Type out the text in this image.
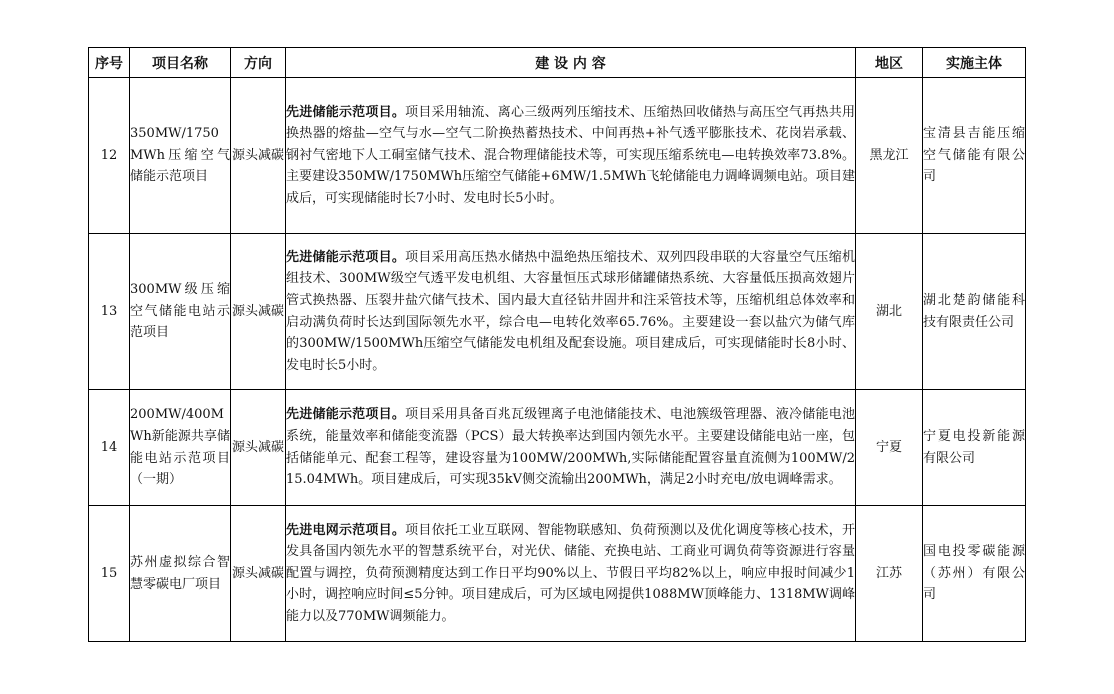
序号	项目名称	方向	建 设 内 容	地区	实施主体
12	350MW/1750MWh压缩空气储能示范项目	源头减碳	先进储能示范项目。项目采用轴流、离心三级两列压缩技术、压缩热回收储热与高压空气再热共用换热器的熔盐—空气与水—空气二阶换热蓄热技术、中间再热+补气透平膨胀技术、花岗岩承载、钢衬气密地下人工硐室储气技术、混合物理储能技术等，可实现压缩系统电—电转换效率73.8%。主要建设350MW/1750MWh压缩空气储能+6MW/1.5MWh飞轮储能电力调峰调频电站。项目建成后，可实现储能时长7小时、发电时长5小时。	黑龙江	宝清县吉能压缩空气储能有限公司
13	300MW级压缩空气储能电站示范项目	源头减碳	先进储能示范项目。项目采用高压热水储热中温绝热压缩技术、双列四段串联的大容量空气压缩机组技术、300MW级空气透平发电机组、大容量恒压式球形储罐储热系统、大容量低压损高效翅片管式换热器、压裂井盐穴储气技术、国内最大直径钻井固井和注采管技术等，压缩机组总体效率和启动满负荷时长达到国际领先水平，综合电—电转化效率65.76%。主要建设一套以盐穴为储气库的300MW/1500MWh压缩空气储能发电机组及配套设施。项目建成后，可实现储能时长8小时、发电时长5小时。	湖北	湖北楚韵储能科技有限责任公司
14	200MW/400MWh新能源共享储能电站示范项目（一期）	源头减碳	先进储能示范项目。项目采用具备百兆瓦级锂离子电池储能技术、电池簇级管理器、液冷储能电池系统，能量效率和储能变流器（PCS）最大转换率达到国内领先水平。主要建设储能电站一座，包括储能单元、配套工程等，建设容量为100MW/200MWh,实际储能配置容量直流侧为100MW/215.04MWh。项目建成后，可实现35kV侧交流输出200MWh，满足2小时充电/放电调峰需求。	宁夏	宁夏电投新能源有限公司
15	苏州虚拟综合智慧零碳电厂项目	源头减碳	先进电网示范项目。项目依托工业互联网、智能物联感知、负荷预测以及优化调度等核心技术，开发具备国内领先水平的智慧系统平台，对光伏、储能、充换电站、工商业可调负荷等资源进行容量配置与调控，负荷预测精度达到工作日平均90%以上、节假日平均82%以上，响应申报时间减少1小时，调控响应时间≤5分钟。项目建成后，可为区域电网提供1088MW顶峰能力、1318MW调峰能力以及770MW调频能力。	江苏	国电投零碳能源（苏州）有限公司
